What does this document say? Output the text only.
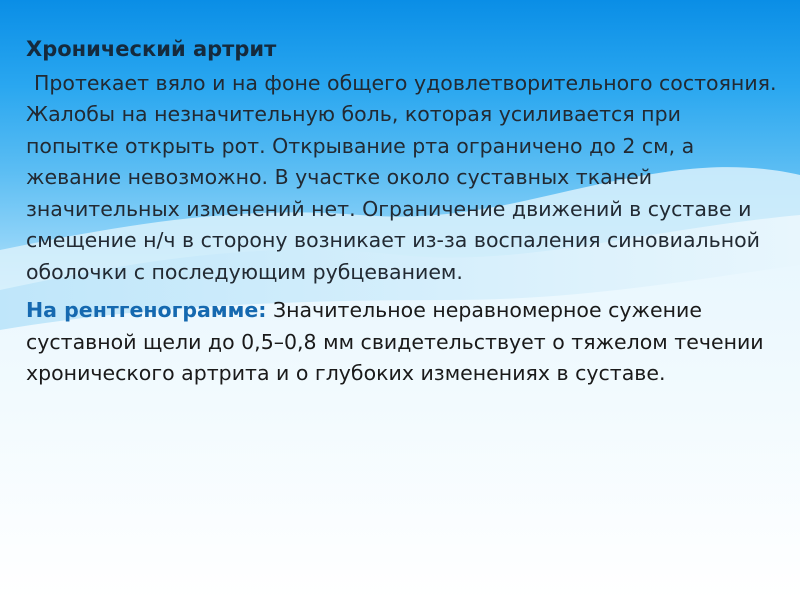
Хронический артрит

Протекает вяло и на фоне общего удовлетворительного состояния. Жалобы на незначительную боль, которая усиливается при попытке открыть рот. Открывание рта ограничено до 2 см, а жевание невозможно. В участке около суставных тканей значительных изменений нет. Ограничение движений в суставе и смещение н/ч в сторону возникает из-за воспаления синовиальной оболочки с последующим рубцеванием.

На рентгенограмме: Значительное неравномерное сужение суставной щели до 0,5–0,8 мм свидетельствует о тяжелом течении хронического артрита и о глубоких изменениях в суставе.
